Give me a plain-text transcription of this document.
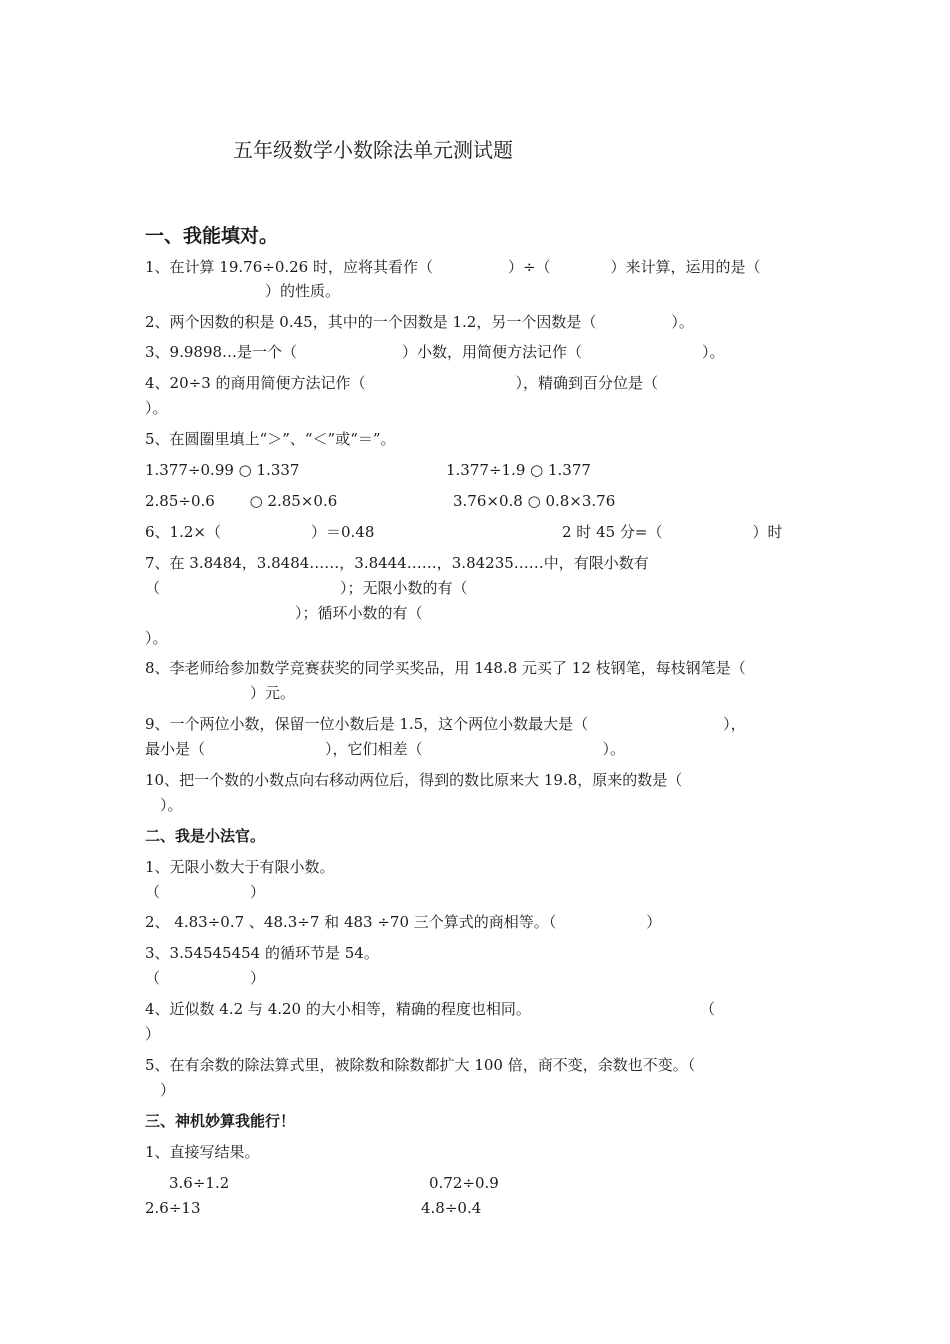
五年级数学小数除法单元测试题
一、我能填对。
1、在计算 19.76÷0.26 时，应将其看作（　　　　　）÷（　　　　）来计算，运用的是（
　　　　　　　　）的性质。
2、两个因数的积是 0.45，其中的一个因数是 1.2，另一个因数是（　　　　　）。
3、9.9898…是一个（　　　　　　　）小数，用简便方法记作（　　　　　　　　）。
4、20÷3 的商用简便方法记作（　　　　　　　　　　），精确到百分位是（
）。
5、在圆圈里填上“＞”、“＜”或“＝”。
1.377÷0.99 ○ 1.337	1.377÷1.9 ○ 1.377
2.85÷0.6　　 ○ 2.85×0.6	3.76×0.8 ○ 0.8×3.76
6、1.2×（　　　　　　）＝0.48	2 时 45 分=（　　　　　　）时
7、在 3.8484，3.8484……，3.8444……，3.84235……中，有限小数有
（　　　　　　　　　　　　）；无限小数的有（
　　　　　　　　　　）；循环小数的有（
）。
8、李老师给参加数学竞赛获奖的同学买奖品，用 148.8 元买了 12 枝钢笔，每枝钢笔是（
　　　　　　　）元。
9、一个两位小数，保留一位小数后是 1.5，这个两位小数最大是（　　　　　　　　　），
最小是（　　　　　　　　），它们相差（　　　　　　　　　　　　）。
10、把一个数的小数点向右移动两位后，得到的数比原来大 19.8，原来的数是（
　）。
二、我是小法官。
1、无限小数大于有限小数。
（　　　　　　）
2、 4.83÷0.7 、48.3÷7 和 483 ÷70 三个算式的商相等。（　　　　　　）
3、3.54545454 的循环节是 54。
（　　　　　　）
4、近似数 4.2 与 4.20 的大小相等，精确的程度也相同。	（
）
5、在有余数的除法算式里，被除数和除数都扩大 100 倍，商不变，余数也不变。（
　）
三、神机妙算我能行！
1、直接写结果。
3.6÷1.2	0.72÷0.9
2.6÷13	4.8÷0.4
